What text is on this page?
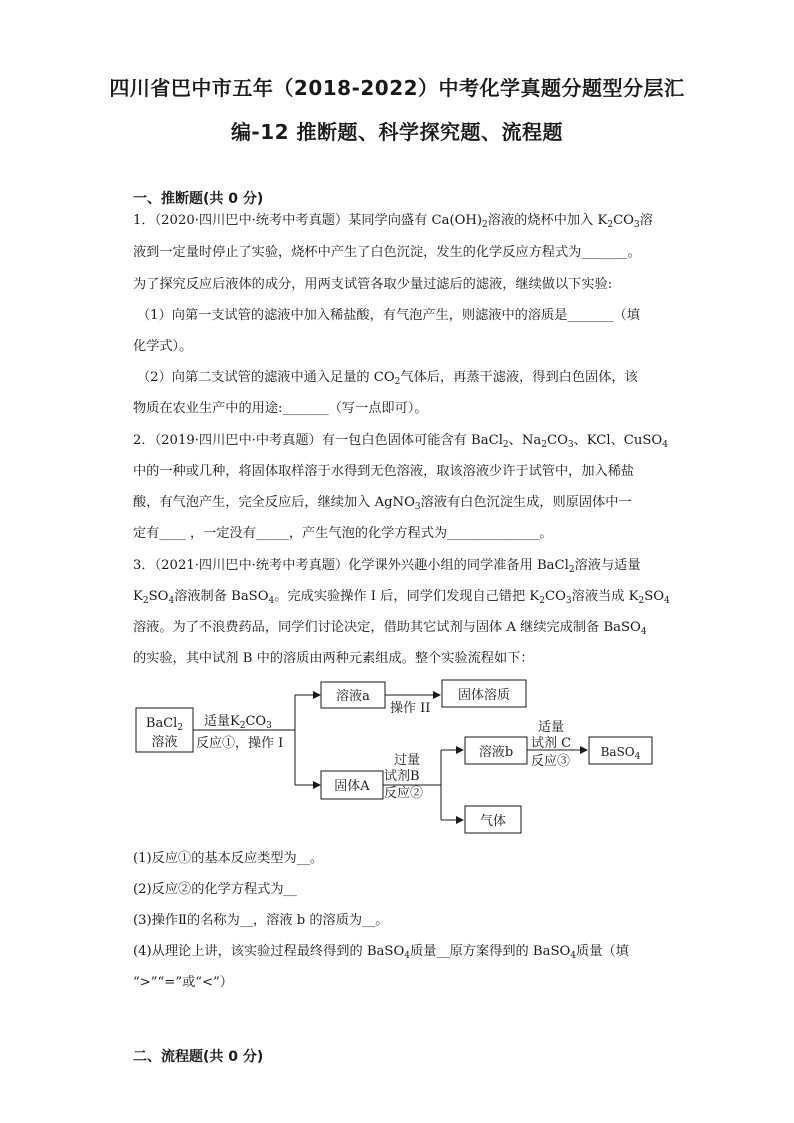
四川省巴中市五年（2018-2022）中考化学真题分题型分层汇
编-12 推断题、科学探究题、流程题
一、推断题(共 0 分)
1．（2020·四川巴中·统考中考真题）某同学向盛有 $Ca(OH)_2$溶液的烧杯中加入 $K_2CO_3$溶
液到一定量时停止了实验，烧杯中产生了白色沉淀，发生的化学反应方程式为_______。
为了探究反应后液体的成分，用两支试管各取少量过滤后的滤液，继续做以下实验:
（1）向第一支试管的滤液中加入稀盐酸，有气泡产生，则滤液中的溶质是_______（填
化学式）。
（2）向第二支试管的滤液中通入足量的 $CO_2$气体后，再蒸干滤液，得到白色固体，该
物质在农业生产中的用途:_______（写一点即可）。
2．（2019·四川巴中·中考真题）有一包白色固体可能含有 BaCl$_2$、$Na_2CO_3$、KCl、CuSO$_4$
中的一种或几种，将固体取样溶于水得到无色溶液，取该溶液少许于试管中，加入稀盐
酸，有气泡产生，完全反应后，继续加入 AgNO$_3$溶液有白色沉淀生成，则原固体中一
定有____ ，一定没有_____，产生气泡的化学方程式为______________。
3．（2021·四川巴中·统考中考真题）化学课外兴趣小组的同学准备用 BaCl$_2$溶液与适量
$K_2SO_4$溶液制备 BaSO$_4$。完成实验操作 I 后，同学们发现自己错把 $K_2CO_3$溶液当成 $K_2SO_4$
溶液。为了不浪费药品，同学们讨论决定，借助其它试剂与固体 A 继续完成制备 BaSO$_4$
的实验，其中试剂 B 中的溶质由两种元素组成。整个实验流程如下：
BaCl$_2$
溶液
适量$K_2CO_3$
反应①，操作 I
溶液a
操作 II
固体溶质
固体A
过量
试剂B
反应②
溶液b
适量
试剂 C
反应③
BaSO$_4$
气体
(1)反应①的基本反应类型为__。
(2)反应②的化学方程式为__
(3)操作Ⅱ的名称为__，溶液 b 的溶质为__。
(4)从理论上讲，该实验过程最终得到的 BaSO$_4$质量__原方案得到的 BaSO$_4$质量（填
“>”“=”或“<”）
二、流程题(共 0 分)
